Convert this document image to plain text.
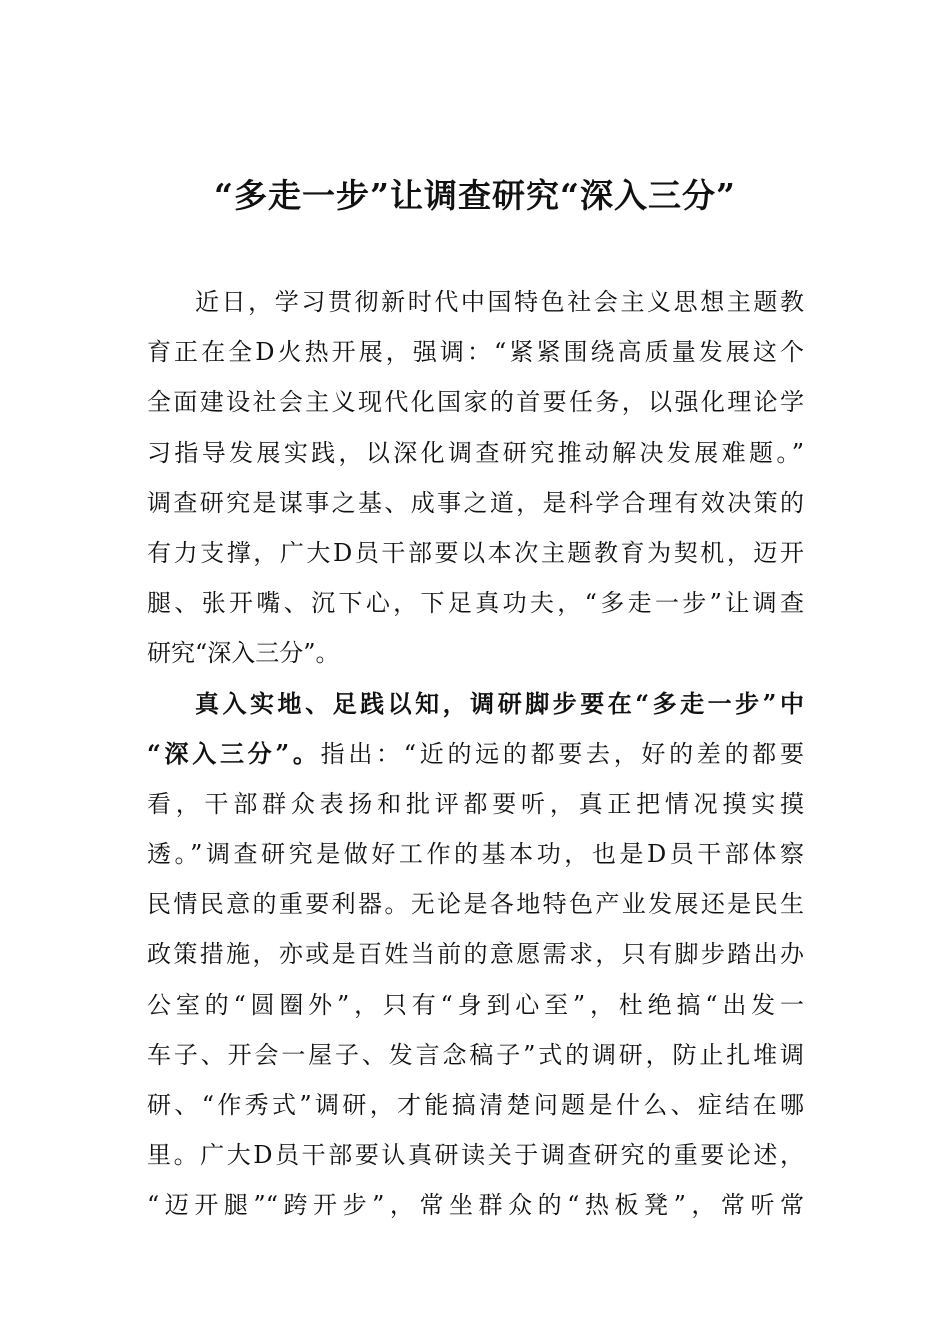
“多走一步”让调查研究“深入三分”
近日，学习贯彻新时代中国特色社会主义思想主题教
育正在全D火热开展，强调：“紧紧围绕高质量发展这个
全面建设社会主义现代化国家的首要任务，以强化理论学
习指导发展实践，以深化调查研究推动解决发展难题。”
调查研究是谋事之基、成事之道，是科学合理有效决策的
有力支撑，广大D员干部要以本次主题教育为契机，迈开
腿、张开嘴、沉下心，下足真功夫，“多走一步”让调查
研究“深入三分”。
真入实地、足践以知，调研脚步要在“多走一步”中
“深入三分”。指出：“近的远的都要去，好的差的都要
看，干部群众表扬和批评都要听，真正把情况摸实摸
透。”调查研究是做好工作的基本功，也是D员干部体察
民情民意的重要利器。无论是各地特色产业发展还是民生
政策措施，亦或是百姓当前的意愿需求，只有脚步踏出办
公室的“圆圈外”，只有“身到心至”，杜绝搞“出发一
车子、开会一屋子、发言念稿子”式的调研，防止扎堆调
研、“作秀式”调研，才能搞清楚问题是什么、症结在哪
里。广大D员干部要认真研读关于调查研究的重要论述，
“迈开腿”“跨开步”，常坐群众的“热板凳”，常听常
